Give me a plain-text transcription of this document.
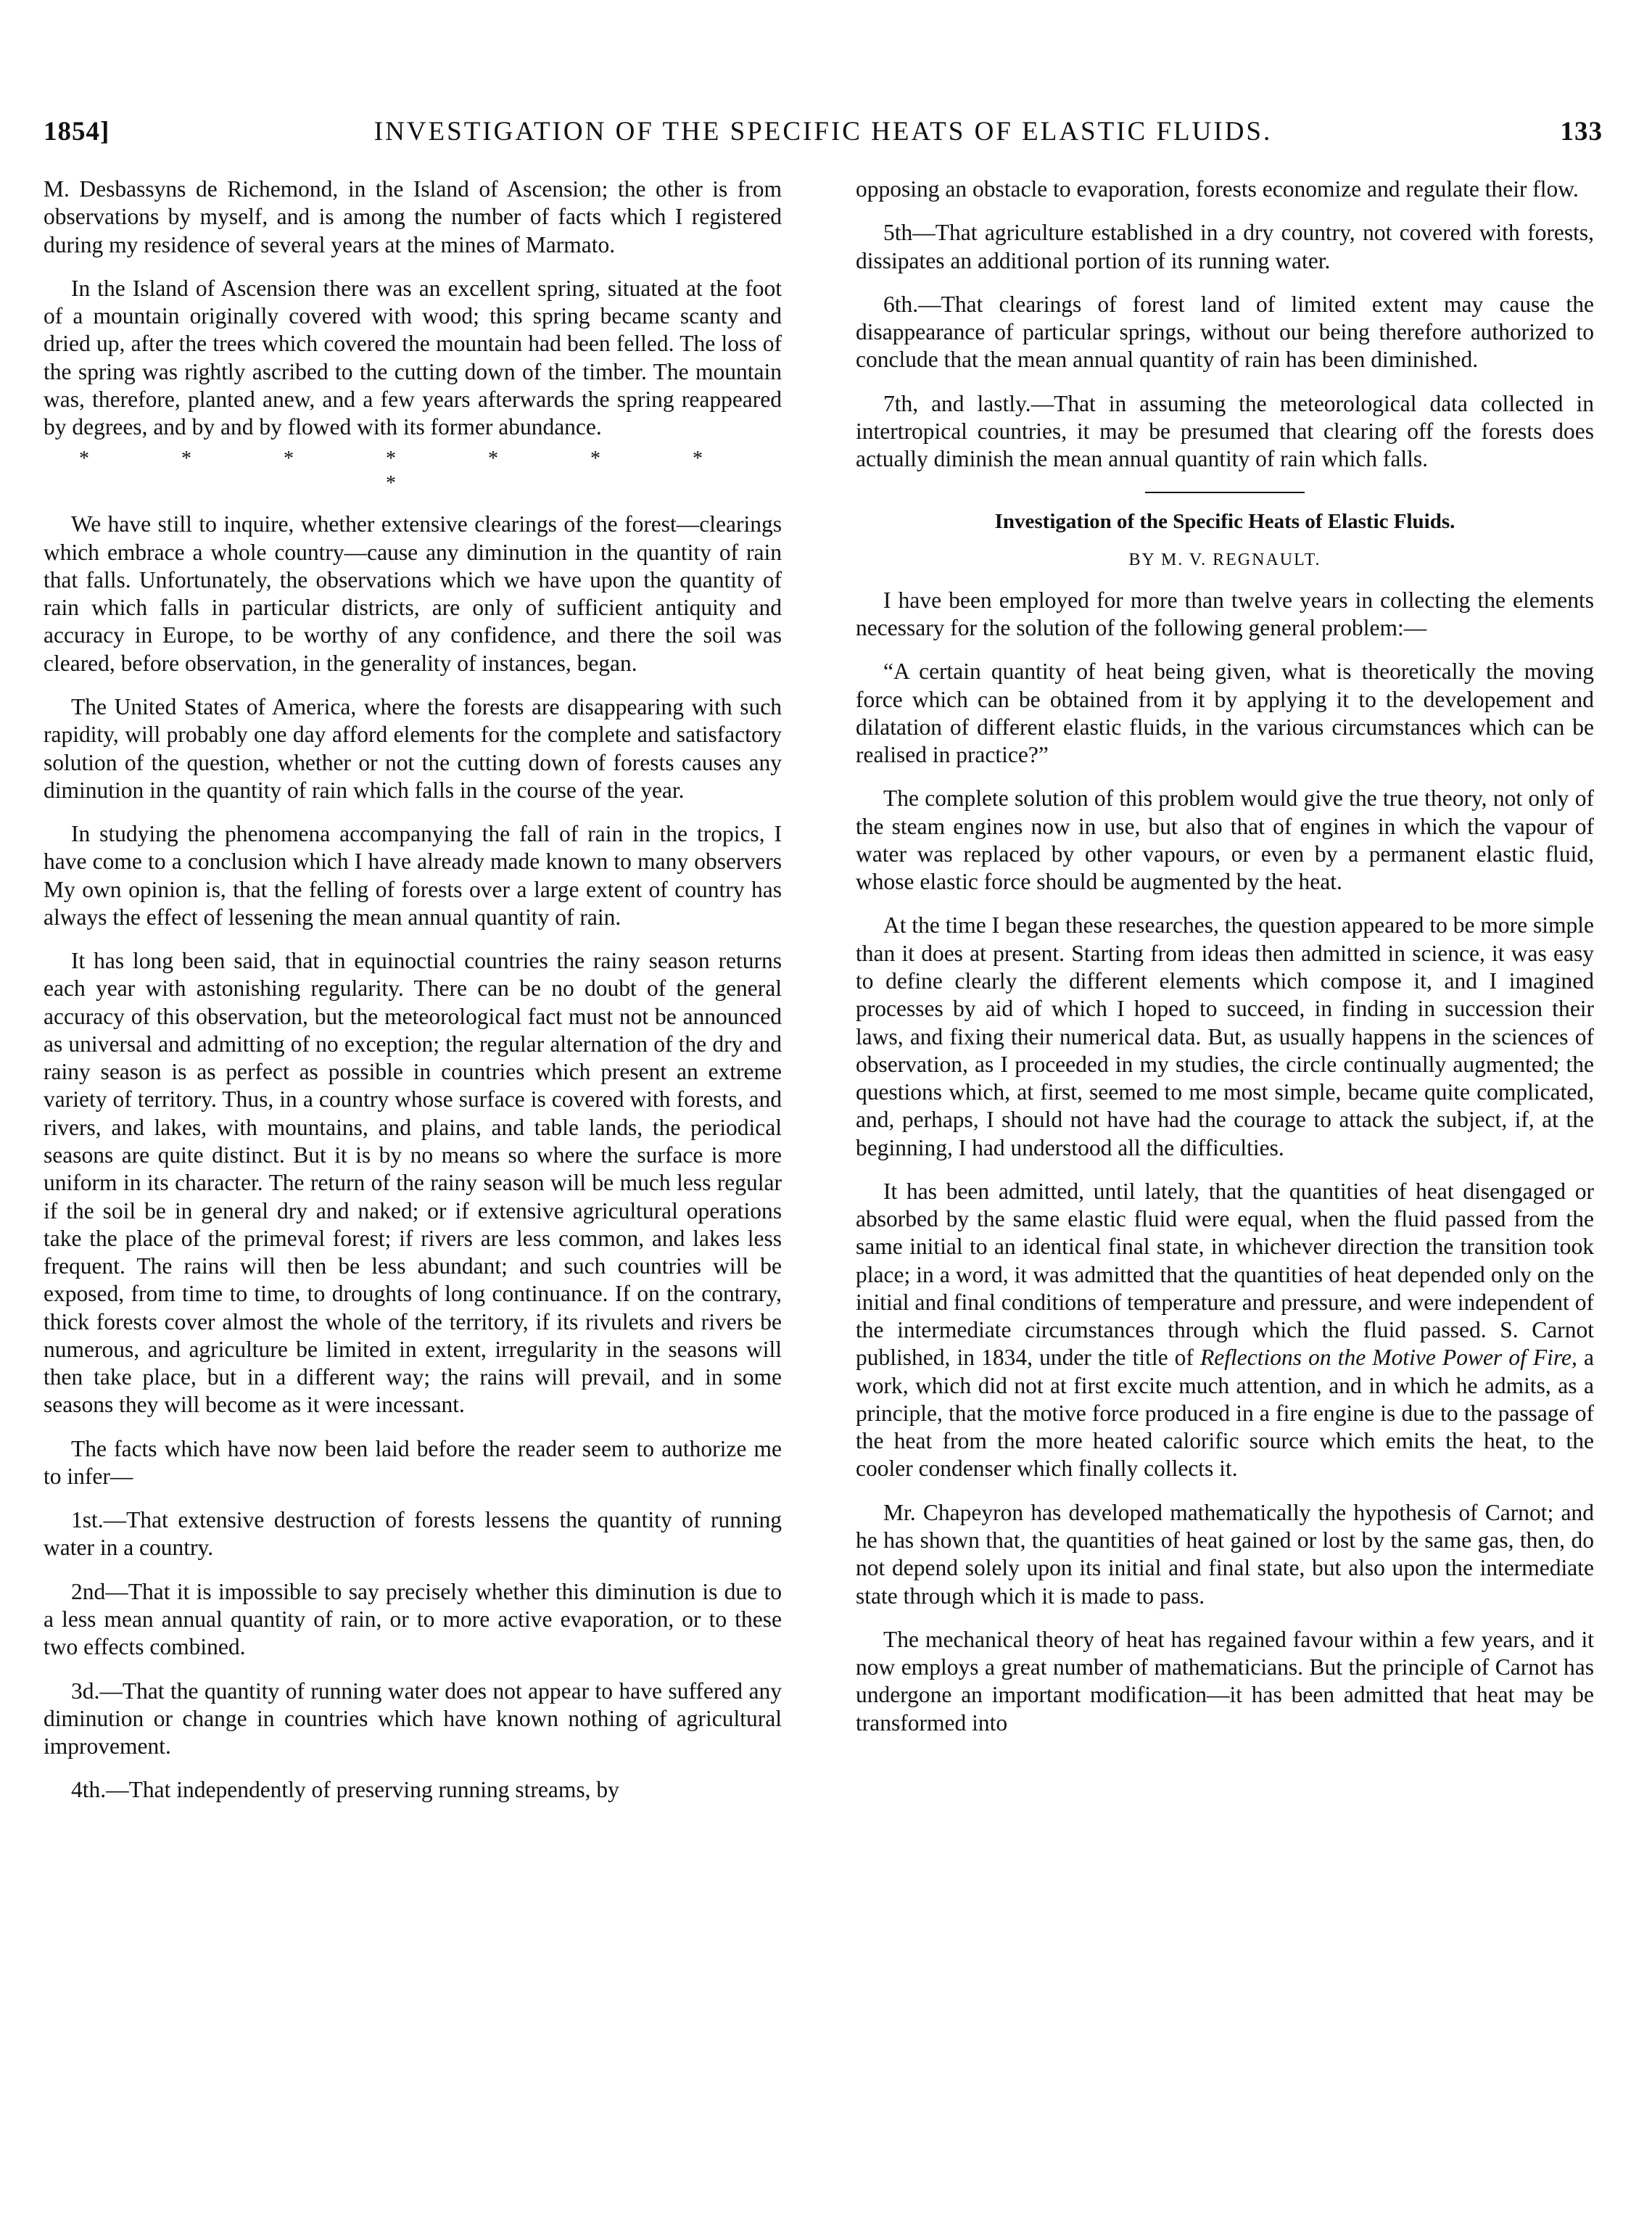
1854]	INVESTIGATION OF THE SPECIFIC HEATS OF ELASTIC FLUIDS.	133

M. Desbassyns de Richemond, in the Island of Ascension; the other is from observations by myself, and is among the number of facts which I registered during my residence of several years at the mines of Marmato.

In the Island of Ascension there was an excellent spring, situated at the foot of a mountain originally covered with wood; this spring became scanty and dried up, after the trees which covered the mountain had been felled. The loss of the spring was rightly ascribed to the cutting down of the timber. The mountain was, therefore, planted anew, and a few years afterwards the spring reappeared by degrees, and by and by flowed with its former abundance.

* * * * * * * *

We have still to inquire, whether extensive clearings of the forest—clearings which embrace a whole country—cause any diminution in the quantity of rain that falls. Unfortunately, the observations which we have upon the quantity of rain which falls in particular districts, are only of sufficient antiquity and accuracy in Europe, to be worthy of any confidence, and there the soil was cleared, before observation, in the generality of instances, began.

The United States of America, where the forests are disappearing with such rapidity, will probably one day afford elements for the complete and satisfactory solution of the question, whether or not the cutting down of forests causes any diminution in the quantity of rain which falls in the course of the year.

In studying the phenomena accompanying the fall of rain in the tropics, I have come to a conclusion which I have already made known to many observers My own opinion is, that the felling of forests over a large extent of country has always the effect of lessening the mean annual quantity of rain.

It has long been said, that in equinoctial countries the rainy season returns each year with astonishing regularity. There can be no doubt of the general accuracy of this observation, but the meteorological fact must not be announced as universal and admitting of no exception; the regular alternation of the dry and rainy season is as perfect as possible in countries which present an extreme variety of territory. Thus, in a country whose surface is covered with forests, and rivers, and lakes, with mountains, and plains, and table lands, the periodical seasons are quite distinct. But it is by no means so where the surface is more uniform in its character. The return of the rainy season will be much less regular if the soil be in general dry and naked; or if extensive agricultural operations take the place of the primeval forest; if rivers are less common, and lakes less frequent. The rains will then be less abundant; and such countries will be exposed, from time to time, to droughts of long continuance. If on the contrary, thick forests cover almost the whole of the territory, if its rivulets and rivers be numerous, and agriculture be limited in extent, irregularity in the seasons will then take place, but in a different way; the rains will prevail, and in some seasons they will become as it were incessant.

The facts which have now been laid before the reader seem to authorize me to infer—

1st.—That extensive destruction of forests lessens the quantity of running water in a country.

2nd—That it is impossible to say precisely whether this diminution is due to a less mean annual quantity of rain, or to more active evaporation, or to these two effects combined.

3d.—That the quantity of running water does not appear to have suffered any diminution or change in countries which have known nothing of agricultural improvement.

4th.—That independently of preserving running streams, by

opposing an obstacle to evaporation, forests economize and regulate their flow.

5th—That agriculture established in a dry country, not covered with forests, dissipates an additional portion of its running water.

6th.—That clearings of forest land of limited extent may cause the disappearance of particular springs, without our being therefore authorized to conclude that the mean annual quantity of rain has been diminished.

7th, and lastly.—That in assuming the meteorological data collected in intertropical countries, it may be presumed that clearing off the forests does actually diminish the mean annual quantity of rain which falls.

Investigation of the Specific Heats of Elastic Fluids.
BY M. V. REGNAULT.

I have been employed for more than twelve years in collecting the elements necessary for the solution of the following general problem:—

“A certain quantity of heat being given, what is theoretically the moving force which can be obtained from it by applying it to the developement and dilatation of different elastic fluids, in the various circumstances which can be realised in practice?”

The complete solution of this problem would give the true theory, not only of the steam engines now in use, but also that of engines in which the vapour of water was replaced by other vapours, or even by a permanent elastic fluid, whose elastic force should be augmented by the heat.

At the time I began these researches, the question appeared to be more simple than it does at present. Starting from ideas then admitted in science, it was easy to define clearly the different elements which compose it, and I imagined processes by aid of which I hoped to succeed, in finding in succession their laws, and fixing their numerical data. But, as usually happens in the sciences of observation, as I proceeded in my studies, the circle continually augmented; the questions which, at first, seemed to me most simple, became quite complicated, and, perhaps, I should not have had the courage to attack the subject, if, at the beginning, I had understood all the difficulties.

It has been admitted, until lately, that the quantities of heat disengaged or absorbed by the same elastic fluid were equal, when the fluid passed from the same initial to an identical final state, in whichever direction the transition took place; in a word, it was admitted that the quantities of heat depended only on the initial and final conditions of temperature and pressure, and were independent of the intermediate circumstances through which the fluid passed. S. Carnot published, in 1834, under the title of Reflections on the Motive Power of Fire, a work, which did not at first excite much attention, and in which he admits, as a principle, that the motive force produced in a fire engine is due to the passage of the heat from the more heated calorific source which emits the heat, to the cooler condenser which finally collects it.

Mr. Chapeyron has developed mathematically the hypothesis of Carnot; and he has shown that, the quantities of heat gained or lost by the same gas, then, do not depend solely upon its initial and final state, but also upon the intermediate state through which it is made to pass.

The mechanical theory of heat has regained favour within a few years, and it now employs a great number of mathematicians. But the principle of Carnot has undergone an important modification—it has been admitted that heat may be transformed into
